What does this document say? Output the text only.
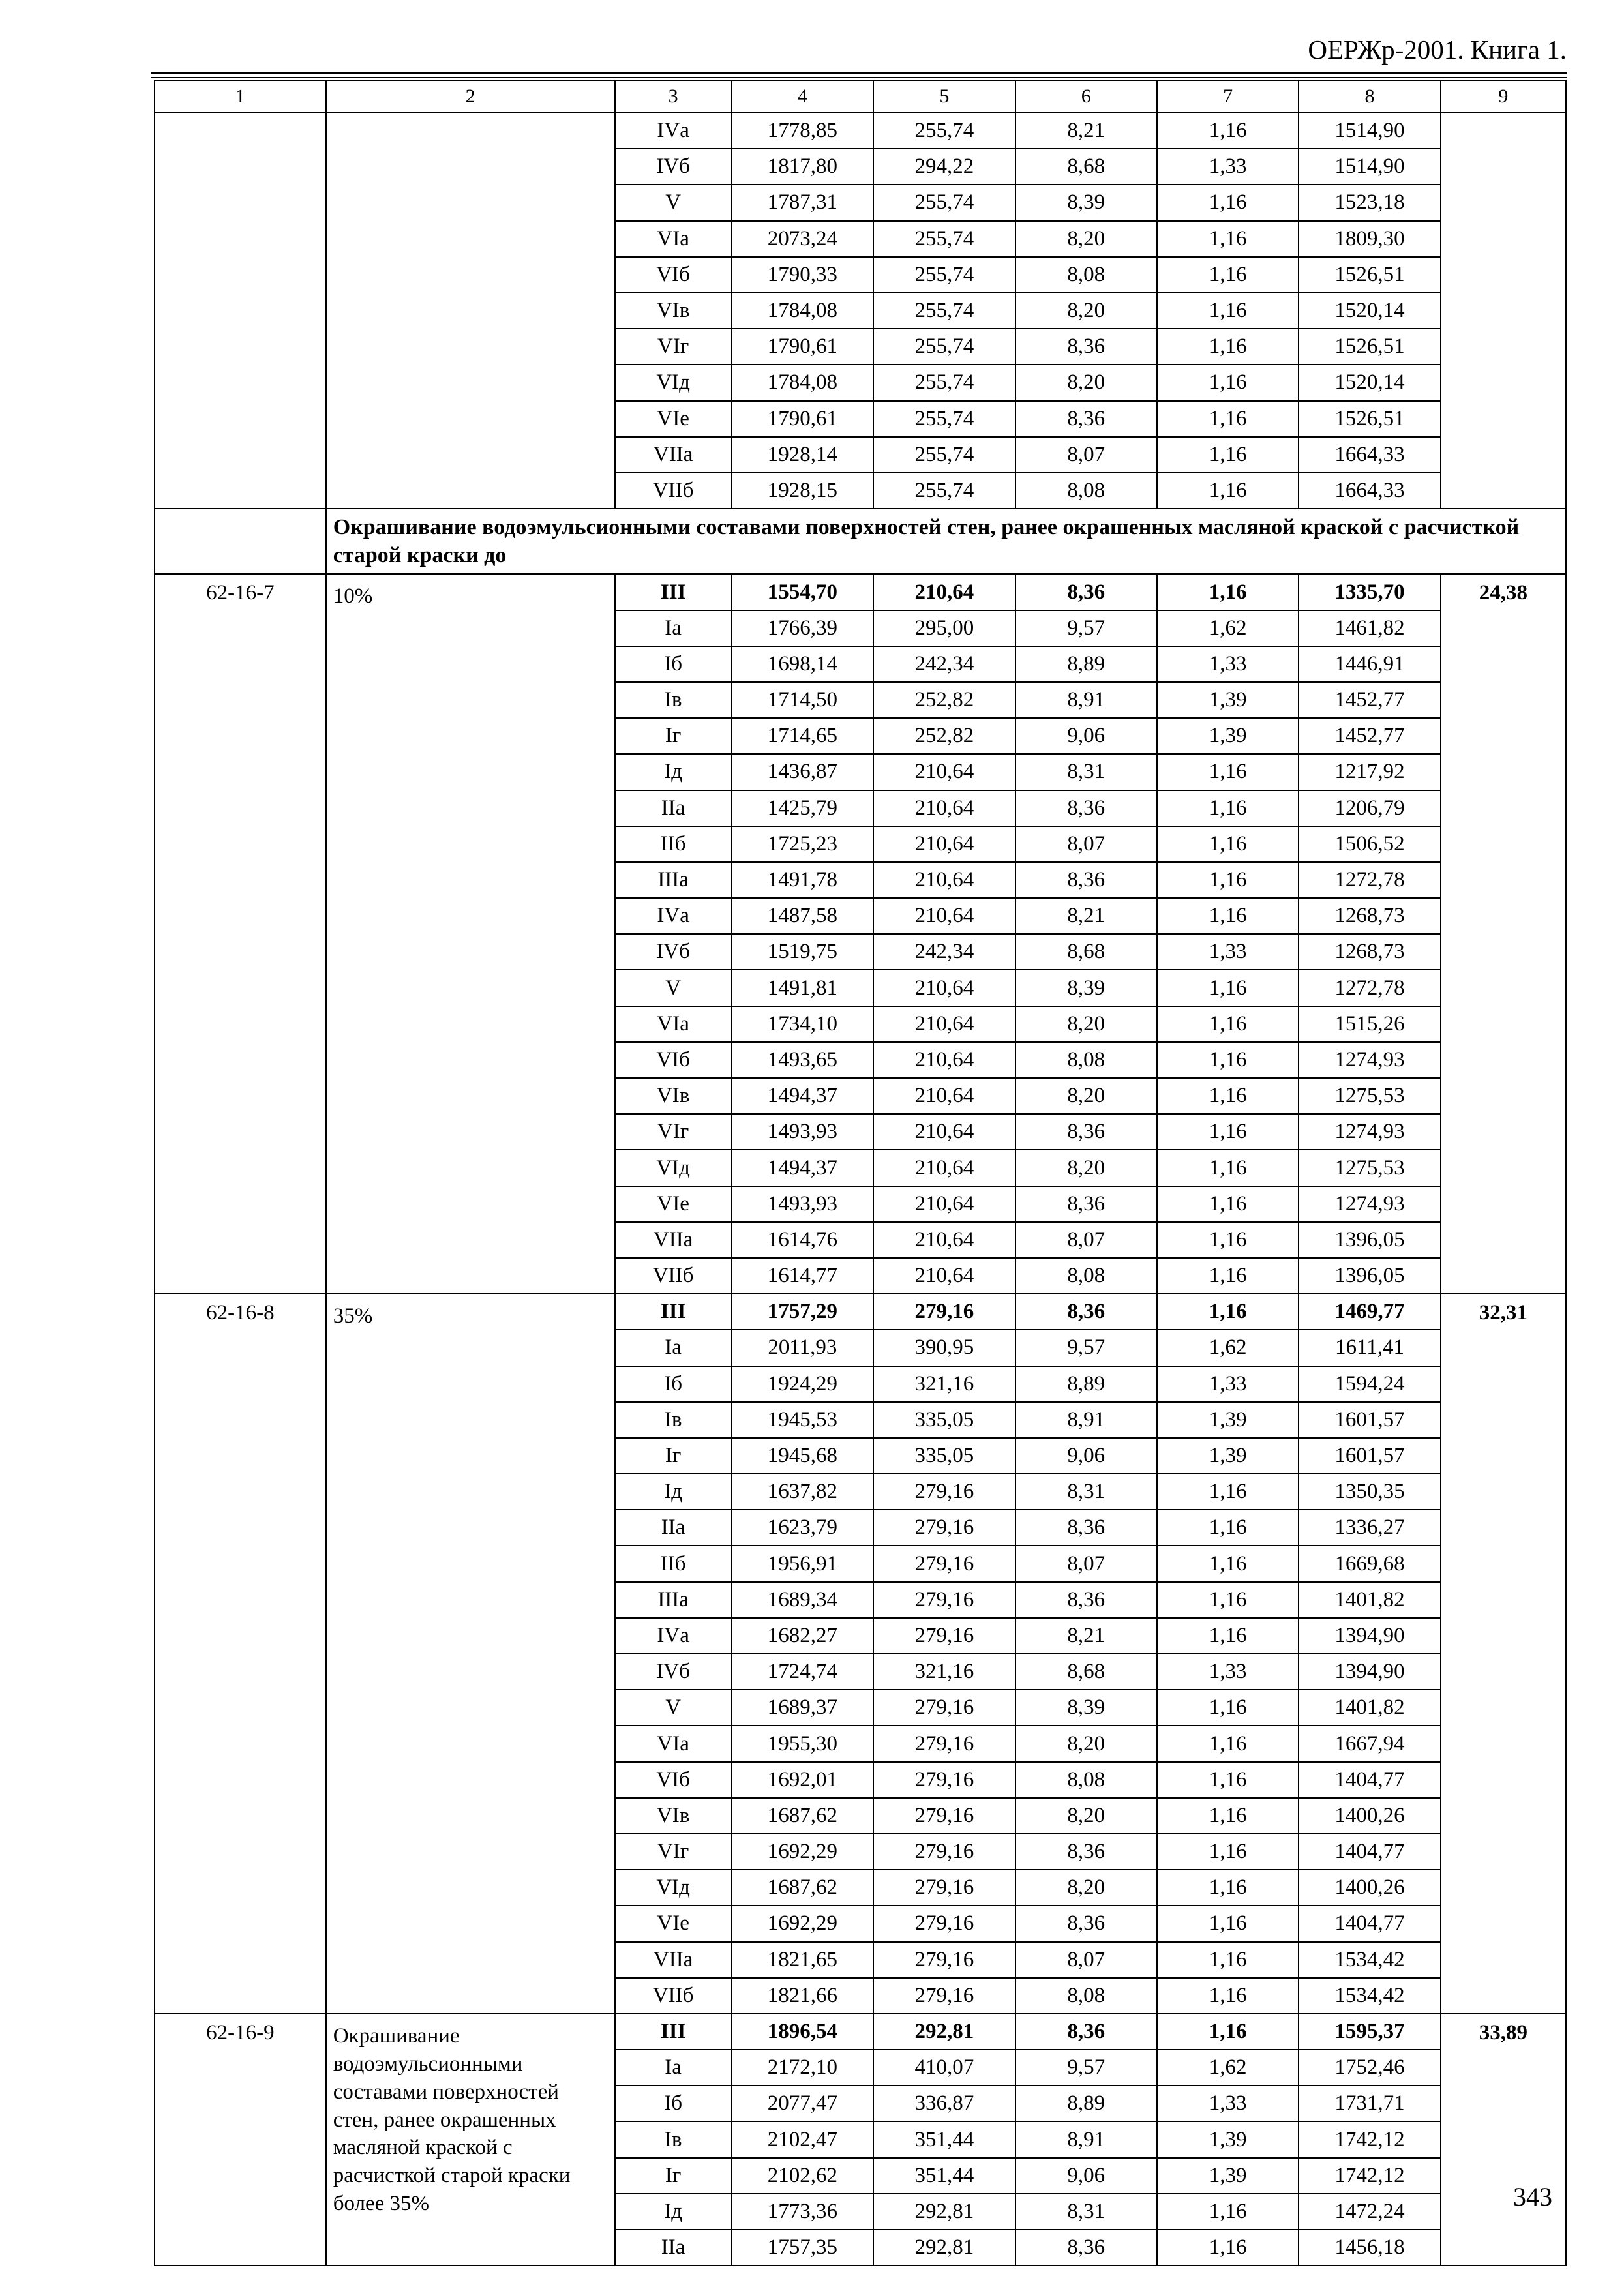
ОЕРЖр-2001. Книга 1.
1	2	3	4	5	6	7	8	9
		IVа	1778,85	255,74	8,21	1,16	1514,90	
		IVб	1817,80	294,22	8,68	1,33	1514,90	
		V	1787,31	255,74	8,39	1,16	1523,18	
		VIа	2073,24	255,74	8,20	1,16	1809,30	
		VIб	1790,33	255,74	8,08	1,16	1526,51	
		VIв	1784,08	255,74	8,20	1,16	1520,14	
		VIг	1790,61	255,74	8,36	1,16	1526,51	
		VIд	1784,08	255,74	8,20	1,16	1520,14	
		VIе	1790,61	255,74	8,36	1,16	1526,51	
		VIIа	1928,14	255,74	8,07	1,16	1664,33	
		VIIб	1928,15	255,74	8,08	1,16	1664,33	
	Окрашивание водоэмульсионными составами поверхностей стен, ранее окрашенных масляной краской с расчисткой старой краски до							
62-16-7	10%	III	1554,70	210,64	8,36	1,16	1335,70	24,38
		Iа	1766,39	295,00	9,57	1,62	1461,82	
		Iб	1698,14	242,34	8,89	1,33	1446,91	
		Iв	1714,50	252,82	8,91	1,39	1452,77	
		Iг	1714,65	252,82	9,06	1,39	1452,77	
		Iд	1436,87	210,64	8,31	1,16	1217,92	
		IIа	1425,79	210,64	8,36	1,16	1206,79	
		IIб	1725,23	210,64	8,07	1,16	1506,52	
		IIIа	1491,78	210,64	8,36	1,16	1272,78	
		IVа	1487,58	210,64	8,21	1,16	1268,73	
		IVб	1519,75	242,34	8,68	1,33	1268,73	
		V	1491,81	210,64	8,39	1,16	1272,78	
		VIа	1734,10	210,64	8,20	1,16	1515,26	
		VIб	1493,65	210,64	8,08	1,16	1274,93	
		VIв	1494,37	210,64	8,20	1,16	1275,53	
		VIг	1493,93	210,64	8,36	1,16	1274,93	
		VIд	1494,37	210,64	8,20	1,16	1275,53	
		VIе	1493,93	210,64	8,36	1,16	1274,93	
		VIIа	1614,76	210,64	8,07	1,16	1396,05	
		VIIб	1614,77	210,64	8,08	1,16	1396,05	
62-16-8	35%	III	1757,29	279,16	8,36	1,16	1469,77	32,31
		Iа	2011,93	390,95	9,57	1,62	1611,41	
		Iб	1924,29	321,16	8,89	1,33	1594,24	
		Iв	1945,53	335,05	8,91	1,39	1601,57	
		Iг	1945,68	335,05	9,06	1,39	1601,57	
		Iд	1637,82	279,16	8,31	1,16	1350,35	
		IIа	1623,79	279,16	8,36	1,16	1336,27	
		IIб	1956,91	279,16	8,07	1,16	1669,68	
		IIIа	1689,34	279,16	8,36	1,16	1401,82	
		IVа	1682,27	279,16	8,21	1,16	1394,90	
		IVб	1724,74	321,16	8,68	1,33	1394,90	
		V	1689,37	279,16	8,39	1,16	1401,82	
		VIа	1955,30	279,16	8,20	1,16	1667,94	
		VIб	1692,01	279,16	8,08	1,16	1404,77	
		VIв	1687,62	279,16	8,20	1,16	1400,26	
		VIг	1692,29	279,16	8,36	1,16	1404,77	
		VIд	1687,62	279,16	8,20	1,16	1400,26	
		VIе	1692,29	279,16	8,36	1,16	1404,77	
		VIIа	1821,65	279,16	8,07	1,16	1534,42	
		VIIб	1821,66	279,16	8,08	1,16	1534,42	
62-16-9	Окрашивание водоэмульсионными составами поверхностей стен, ранее окрашенных масляной краской с расчисткой старой краски более 35%	III	1896,54	292,81	8,36	1,16	1595,37	33,89
		Iа	2172,10	410,07	9,57	1,62	1752,46	
		Iб	2077,47	336,87	8,89	1,33	1731,71	
		Iв	2102,47	351,44	8,91	1,39	1742,12	
		Iг	2102,62	351,44	9,06	1,39	1742,12	
		Iд	1773,36	292,81	8,31	1,16	1472,24	
		IIа	1757,35	292,81	8,36	1,16	1456,18	
343
